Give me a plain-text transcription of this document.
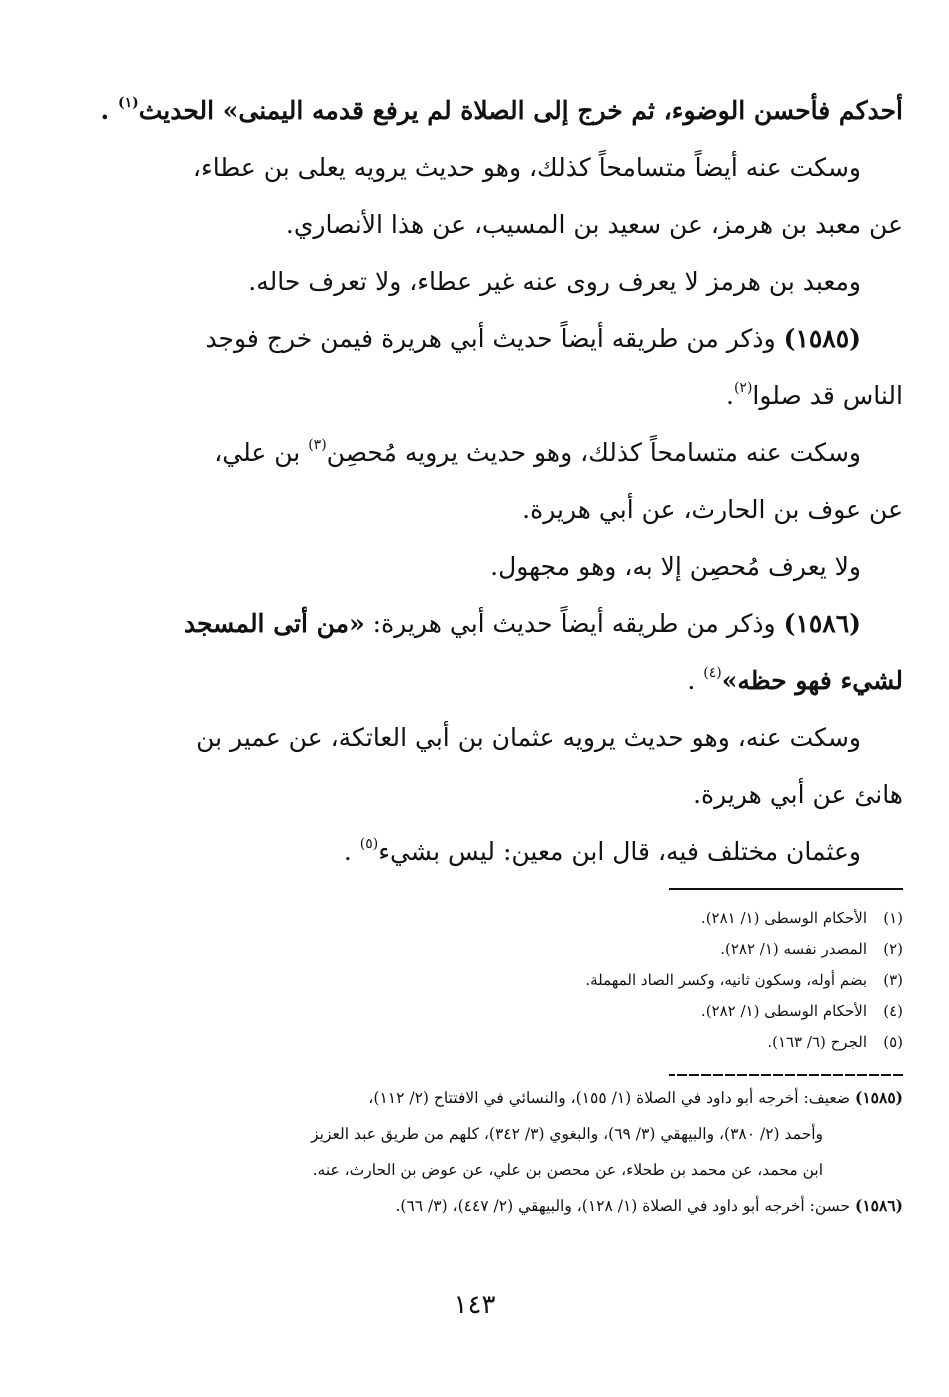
أحدكم فأحسن الوضوء، ثم خرج إلى الصلاة لم يرفع قدمه اليمنى» الحديث$^{(١)}$ .
وسكت عنه أيضاً متسامحاً كذلك، وهو حديث يرويه يعلى بن عطاء،
عن معبد بن هرمز، عن سعيد بن المسيب، عن هذا الأنصاري.
ومعبد بن هرمز لا يعرف روى عنه غير عطاء، ولا تعرف حاله.
(١٥٨٥) وذكر من طريقه أيضاً حديث أبي هريرة فيمن خرج فوجد
الناس قد صلوا$^{(٢)}$.
وسكت عنه متسامحاً كذلك، وهو حديث يرويه مُحصِن$^{(٣)}$ بن علي،
عن عوف بن الحارث، عن أبي هريرة.
ولا يعرف مُحصِن إلا به، وهو مجهول.
(١٥٨٦) وذكر من طريقه أيضاً حديث أبي هريرة: «من أتى المسجد
لشيء فهو حظه»$^{(٤)}$ .
وسكت عنه، وهو حديث يرويه عثمان بن أبي العاتكة، عن عمير بن
هانئ عن أبي هريرة.
وعثمان مختلف فيه، قال ابن معين: ليس بشيء$^{(٥)}$ .
(١)الأحكام الوسطى (١/ ٢٨١).
(٢)المصدر نفسه (١/ ٢٨٢).
(٣)بضم أوله، وسكون ثانيه، وكسر الصاد المهملة.
(٤)الأحكام الوسطى (١/ ٢٨٢).
(٥)الجرح (٦/ ١٦٣).
(١٥٨٥) ضعيف: أخرجه أبو داود في الصلاة (١/ ١٥٥)، والنسائي في الافتتاح (٢/ ١١٢)،
وأحمد (٢/ ٣٨٠)، والبيهقي (٣/ ٦٩)، والبغوي (٣/ ٣٤٢)، كلهم من طريق عبد العزيز
ابن محمد، عن محمد بن طحلاء، عن محصن بن علي، عن عوض بن الحارث، عنه.
(١٥٨٦) حسن: أخرجه أبو داود في الصلاة (١/ ١٢٨)، والبيهقي (٢/ ٤٤٧)، (٣/ ٦٦).
١٤٣
